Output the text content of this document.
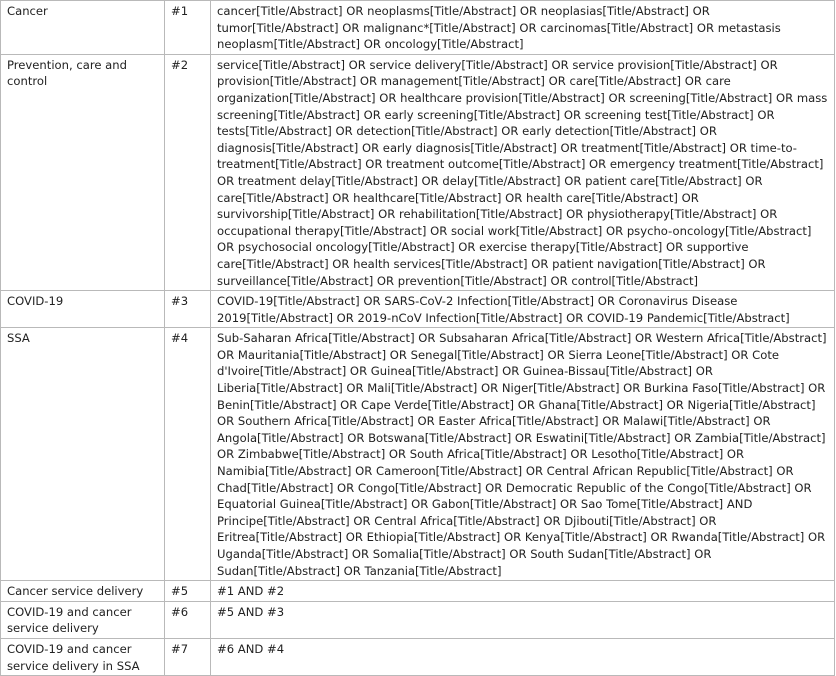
Cancer	#1	cancer[Title/Abstract] OR neoplasms[Title/Abstract] OR neoplasias[Title/Abstract] OR tumor[Title/Abstract] OR malignanc*[Title/Abstract] OR carcinomas[Title/Abstract] OR metastasis neoplasm[Title/Abstract] OR oncology[Title/Abstract]
Prevention, care and control	#2	service[Title/Abstract] OR service delivery[Title/Abstract] OR service provision[Title/Abstract] OR provision[Title/Abstract] OR management[Title/Abstract] OR care[Title/Abstract] OR care organization[Title/Abstract] OR healthcare provision[Title/Abstract] OR screening[Title/Abstract] OR mass screening[Title/Abstract] OR early screening[Title/Abstract] OR screening test[Title/Abstract] OR tests[Title/Abstract] OR detection[Title/Abstract] OR early detection[Title/Abstract] OR diagnosis[Title/Abstract] OR early diagnosis[Title/Abstract] OR treatment[Title/Abstract] OR time-to-treatment[Title/Abstract] OR treatment outcome[Title/Abstract] OR emergency treatment[Title/Abstract] OR treatment delay[Title/Abstract] OR delay[Title/Abstract] OR patient care[Title/Abstract] OR care[Title/Abstract] OR healthcare[Title/Abstract] OR health care[Title/Abstract] OR survivorship[Title/Abstract] OR rehabilitation[Title/Abstract] OR physiotherapy[Title/Abstract] OR occupational therapy[Title/Abstract] OR social work[Title/Abstract] OR psycho-oncology[Title/Abstract] OR psychosocial oncology[Title/Abstract] OR exercise therapy[Title/Abstract] OR supportive care[Title/Abstract] OR health services[Title/Abstract] OR patient navigation[Title/Abstract] OR surveillance[Title/Abstract] OR prevention[Title/Abstract] OR control[Title/Abstract]
COVID-19	#3	COVID-19[Title/Abstract] OR SARS-CoV-2 Infection[Title/Abstract] OR Coronavirus Disease 2019[Title/Abstract] OR 2019-nCoV Infection[Title/Abstract] OR COVID-19 Pandemic[Title/Abstract]
SSA	#4	Sub-Saharan Africa[Title/Abstract] OR Subsaharan Africa[Title/Abstract] OR Western Africa[Title/Abstract] OR Mauritania[Title/Abstract] OR Senegal[Title/Abstract] OR Sierra Leone[Title/Abstract] OR Cote d'Ivoire[Title/Abstract] OR Guinea[Title/Abstract] OR Guinea-Bissau[Title/Abstract] OR Liberia[Title/Abstract] OR Mali[Title/Abstract] OR Niger[Title/Abstract] OR Burkina Faso[Title/Abstract] OR Benin[Title/Abstract] OR Cape Verde[Title/Abstract] OR Ghana[Title/Abstract] OR Nigeria[Title/Abstract] OR Southern Africa[Title/Abstract] OR Easter Africa[Title/Abstract] OR Malawi[Title/Abstract] OR Angola[Title/Abstract] OR Botswana[Title/Abstract] OR Eswatini[Title/Abstract] OR Zambia[Title/Abstract] OR Zimbabwe[Title/Abstract] OR South Africa[Title/Abstract] OR Lesotho[Title/Abstract] OR Namibia[Title/Abstract] OR Cameroon[Title/Abstract] OR Central African Republic[Title/Abstract] OR Chad[Title/Abstract] OR Congo[Title/Abstract] OR Democratic Republic of the Congo[Title/Abstract] OR Equatorial Guinea[Title/Abstract] OR Gabon[Title/Abstract] OR Sao Tome[Title/Abstract] AND Principe[Title/Abstract] OR Central Africa[Title/Abstract] OR Djibouti[Title/Abstract] OR Eritrea[Title/Abstract] OR Ethiopia[Title/Abstract] OR Kenya[Title/Abstract] OR Rwanda[Title/Abstract] OR Uganda[Title/Abstract] OR Somalia[Title/Abstract] OR South Sudan[Title/Abstract] OR Sudan[Title/Abstract] OR Tanzania[Title/Abstract]
Cancer service delivery	#5	#1 AND #2
COVID-19 and cancer service delivery	#6	#5 AND #3
COVID-19 and cancer service delivery in SSA	#7	#6 AND #4
